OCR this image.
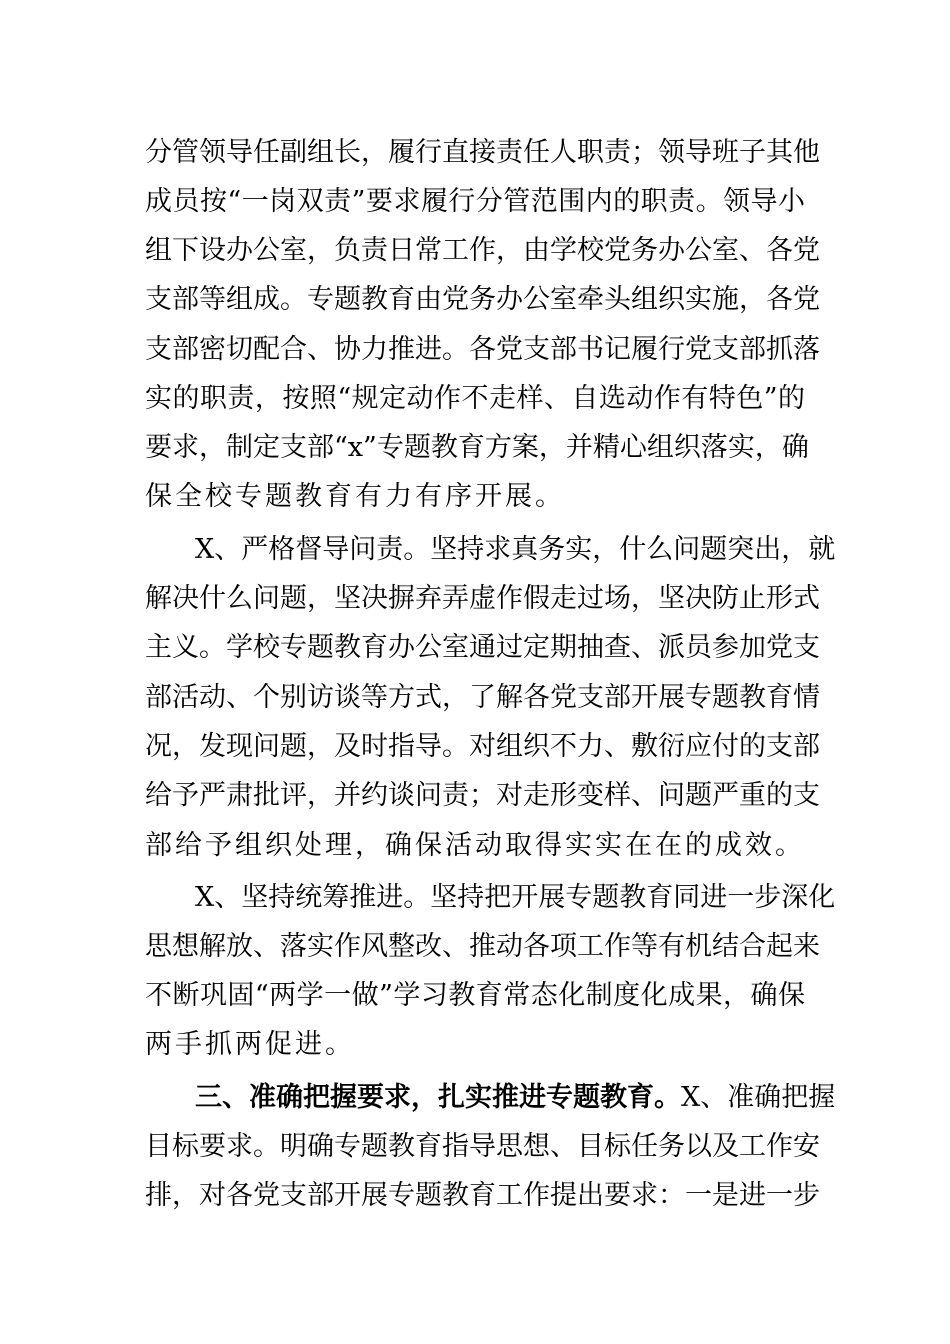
分管领导任副组长，履行直接责任人职责；领导班子其他
成员按“一岗双责”要求履行分管范围内的职责。领导小
组下设办公室，负责日常工作，由学校党务办公室、各党
支部等组成。专题教育由党务办公室牵头组织实施，各党
支部密切配合、协力推进。各党支部书记履行党支部抓落
实的职责，按照“规定动作不走样、自选动作有特色”的
要求，制定支部“x”专题教育方案，并精心组织落实，确
保全校专题教育有力有序开展。
X、严格督导问责。坚持求真务实，什么问题突出，就
解决什么问题，坚决摒弃弄虚作假走过场，坚决防止形式
主义。学校专题教育办公室通过定期抽查、派员参加党支
部活动、个别访谈等方式，了解各党支部开展专题教育情
况，发现问题，及时指导。对组织不力、敷衍应付的支部
给予严肃批评，并约谈问责；对走形变样、问题严重的支
部给予组织处理，确保活动取得实实在在的成效。
X、坚持统筹推进。坚持把开展专题教育同进一步深化
思想解放、落实作风整改、推动各项工作等有机结合起来
不断巩固“两学一做”学习教育常态化制度化成果，确保
两手抓两促进。
三、准确把握要求，扎实推进专题教育。X、准确把握
目标要求。明确专题教育指导思想、目标任务以及工作安
排，对各党支部开展专题教育工作提出要求：一是进一步
